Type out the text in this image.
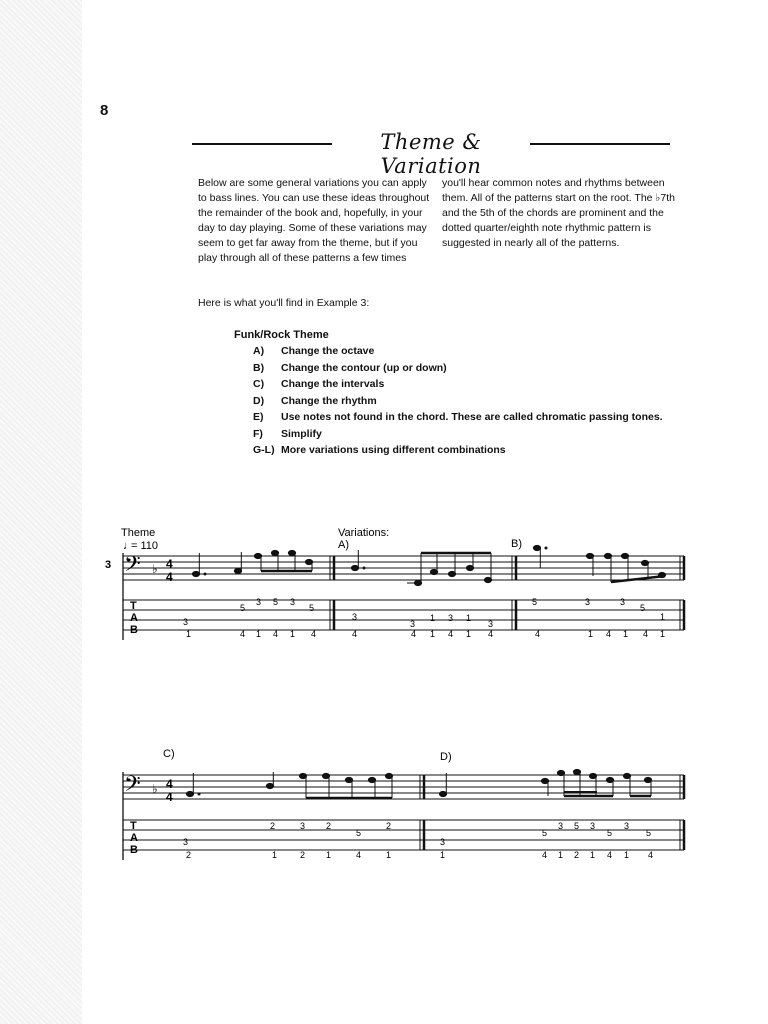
8
Theme & Variation
Below are some general variations you can apply to bass lines. You can use these ideas throughout the remainder of the book and, hopefully, in your day to day playing. Some of these variations may seem to get far away from the theme, but if you play through all of these patterns a few times
you'll hear common notes and rhythms between them. All of the patterns start on the root. The ♭7th and the 5th of the chords are prominent and the dotted quarter/eighth note rhythmic pattern is suggested in nearly all of the patterns.
Here is what you'll find in Example 3:
Funk/Rock Theme
A)	Change the octave
B)	Change the contour (up or down)
C)	Change the intervals
D)	Change the rhythm
E)	Use notes not found in the chord. These are called chromatic passing tones.
F)	Simplify
G-L) More variations using different combinations
Theme
♩
= 110
Variations:
A)	B)
3 𝄢 ♭ 4
4
T
A
B
3
5
3 5 3
5
3
3
1 3 1
3
5	3	3
5
1
1	4 1 4 1 4	4	4 1 4 1 4	4	1 4 1 4 1
C)	D)
𝄢 ♭ 4
4
T
A
B
3
2	3 2
5
2
3
5
3 5 3
5
3
5
2	1	2 1	4	1	1	4 1 2 1 4 1 4
